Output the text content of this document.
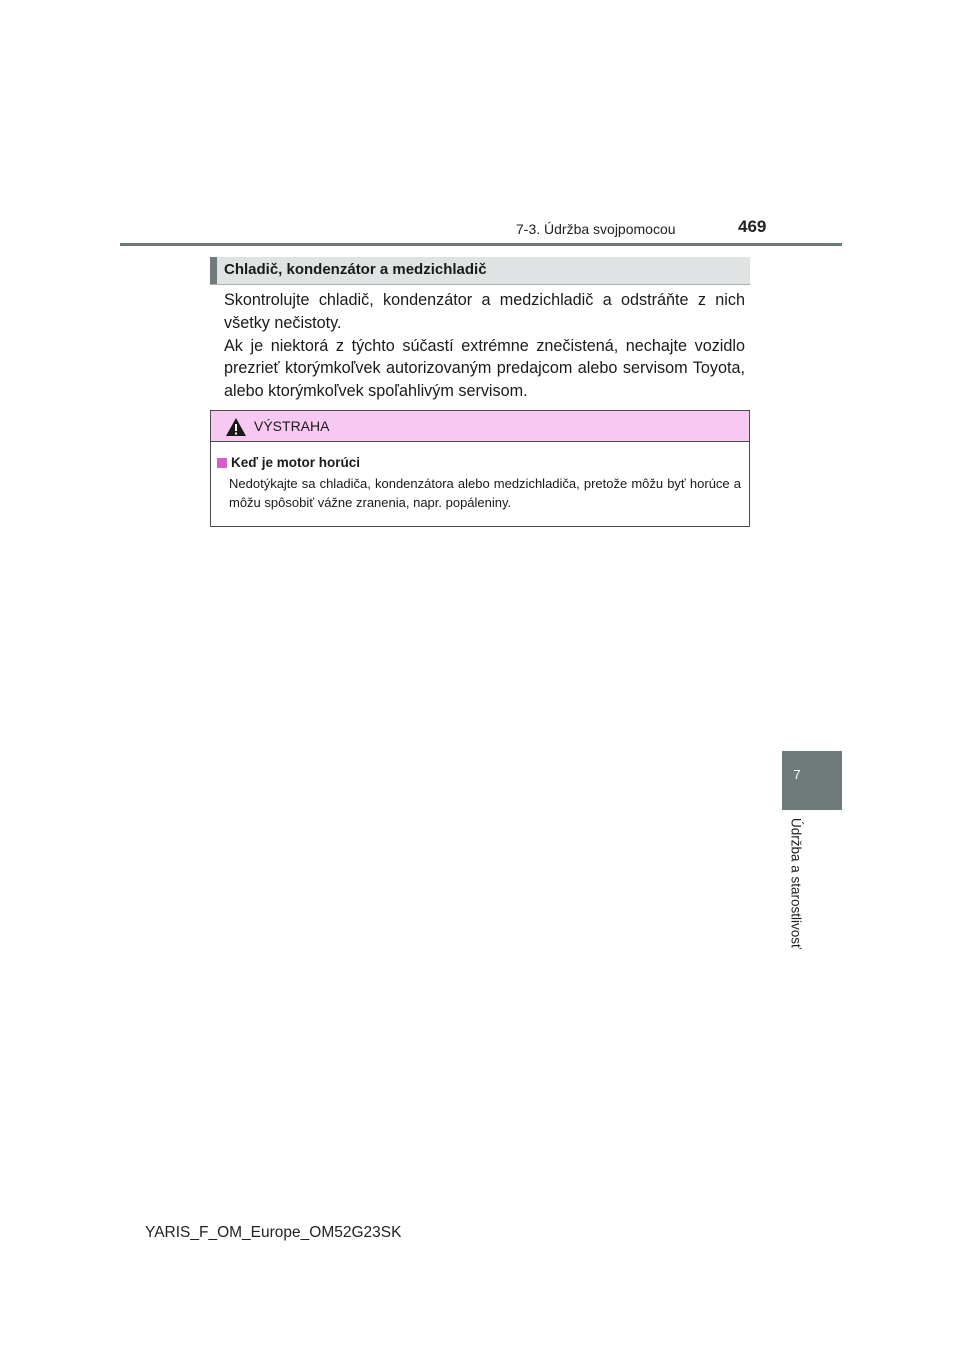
7-3. Údržba svojpomocou	469
Chladič, kondenzátor a medzichladič

Skontrolujte chladič, kondenzátor a medzichladič a odstráňte z nich všetky nečistoty.

Ak je niektorá z týchto súčastí extrémne znečistená, nechajte vozidlo prezrieť ktorýmkoľvek autorizovaným predajcom alebo servisom Toyota, alebo ktorýmkoľvek spoľahlivým servisom.

VÝSTRAHA
Keď je motor horúci
Nedotýkajte sa chladiča, kondenzátora alebo medzichladiča, pretože môžu byť horúce a môžu spôsobiť vážne zranenia, napr. popáleniny.
7
Údržba a starostlivosť
YARIS_F_OM_Europe_OM52G23SK
